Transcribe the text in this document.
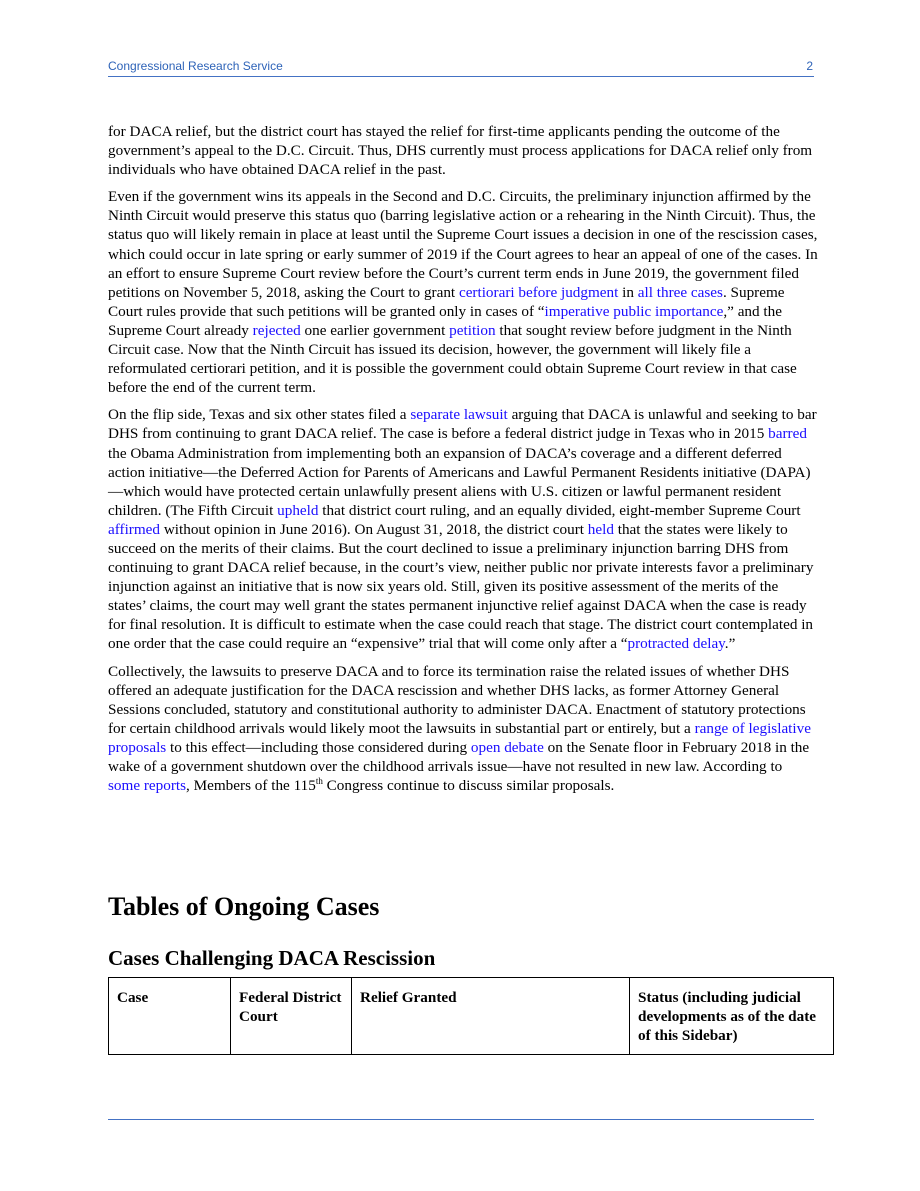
Congressional Research Service	2

for DACA relief, but the district court has stayed the relief for first-time applicants pending the outcome of the government’s appeal to the D.C. Circuit. Thus, DHS currently must process applications for DACA relief only from individuals who have obtained DACA relief in the past.

Even if the government wins its appeals in the Second and D.C. Circuits, the preliminary injunction affirmed by the Ninth Circuit would preserve this status quo (barring legislative action or a rehearing in the Ninth Circuit). Thus, the status quo will likely remain in place at least until the Supreme Court issues a decision in one of the rescission cases, which could occur in late spring or early summer of 2019 if the Court agrees to hear an appeal of one of the cases. In an effort to ensure Supreme Court review before the Court’s current term ends in June 2019, the government filed petitions on November 5, 2018, asking the Court to grant certiorari before judgment in all three cases. Supreme Court rules provide that such petitions will be granted only in cases of “imperative public importance,” and the Supreme Court already rejected one earlier government petition that sought review before judgment in the Ninth Circuit case. Now that the Ninth Circuit has issued its decision, however, the government will likely file a reformulated certiorari petition, and it is possible the government could obtain Supreme Court review in that case before the end of the current term.

On the flip side, Texas and six other states filed a separate lawsuit arguing that DACA is unlawful and seeking to bar DHS from continuing to grant DACA relief. The case is before a federal district judge in Texas who in 2015 barred the Obama Administration from implementing both an expansion of DACA’s coverage and a different deferred action initiative—the Deferred Action for Parents of Americans and Lawful Permanent Residents initiative (DAPA)—which would have protected certain unlawfully present aliens with U.S. citizen or lawful permanent resident children. (The Fifth Circuit upheld that district court ruling, and an equally divided, eight-member Supreme Court affirmed without opinion in June 2016). On August 31, 2018, the district court held that the states were likely to succeed on the merits of their claims. But the court declined to issue a preliminary injunction barring DHS from continuing to grant DACA relief because, in the court’s view, neither public nor private interests favor a preliminary injunction against an initiative that is now six years old. Still, given its positive assessment of the merits of the states’ claims, the court may well grant the states permanent injunctive relief against DACA when the case is ready for final resolution. It is difficult to estimate when the case could reach that stage. The district court contemplated in one order that the case could require an “expensive” trial that will come only after a “protracted delay.”

Collectively, the lawsuits to preserve DACA and to force its termination raise the related issues of whether DHS offered an adequate justification for the DACA rescission and whether DHS lacks, as former Attorney General Sessions concluded, statutory and constitutional authority to administer DACA. Enactment of statutory protections for certain childhood arrivals would likely moot the lawsuits in substantial part or entirely, but a range of legislative proposals to this effect—including those considered during open debate on the Senate floor in February 2018 in the wake of a government shutdown over the childhood arrivals issue—have not resulted in new law. According to some reports, Members of the 115th Congress continue to discuss similar proposals.

Tables of Ongoing Cases
Cases Challenging DACA Rescission
Case	Federal District Court	Relief Granted	Status (including judicial developments as of the date of this Sidebar)
